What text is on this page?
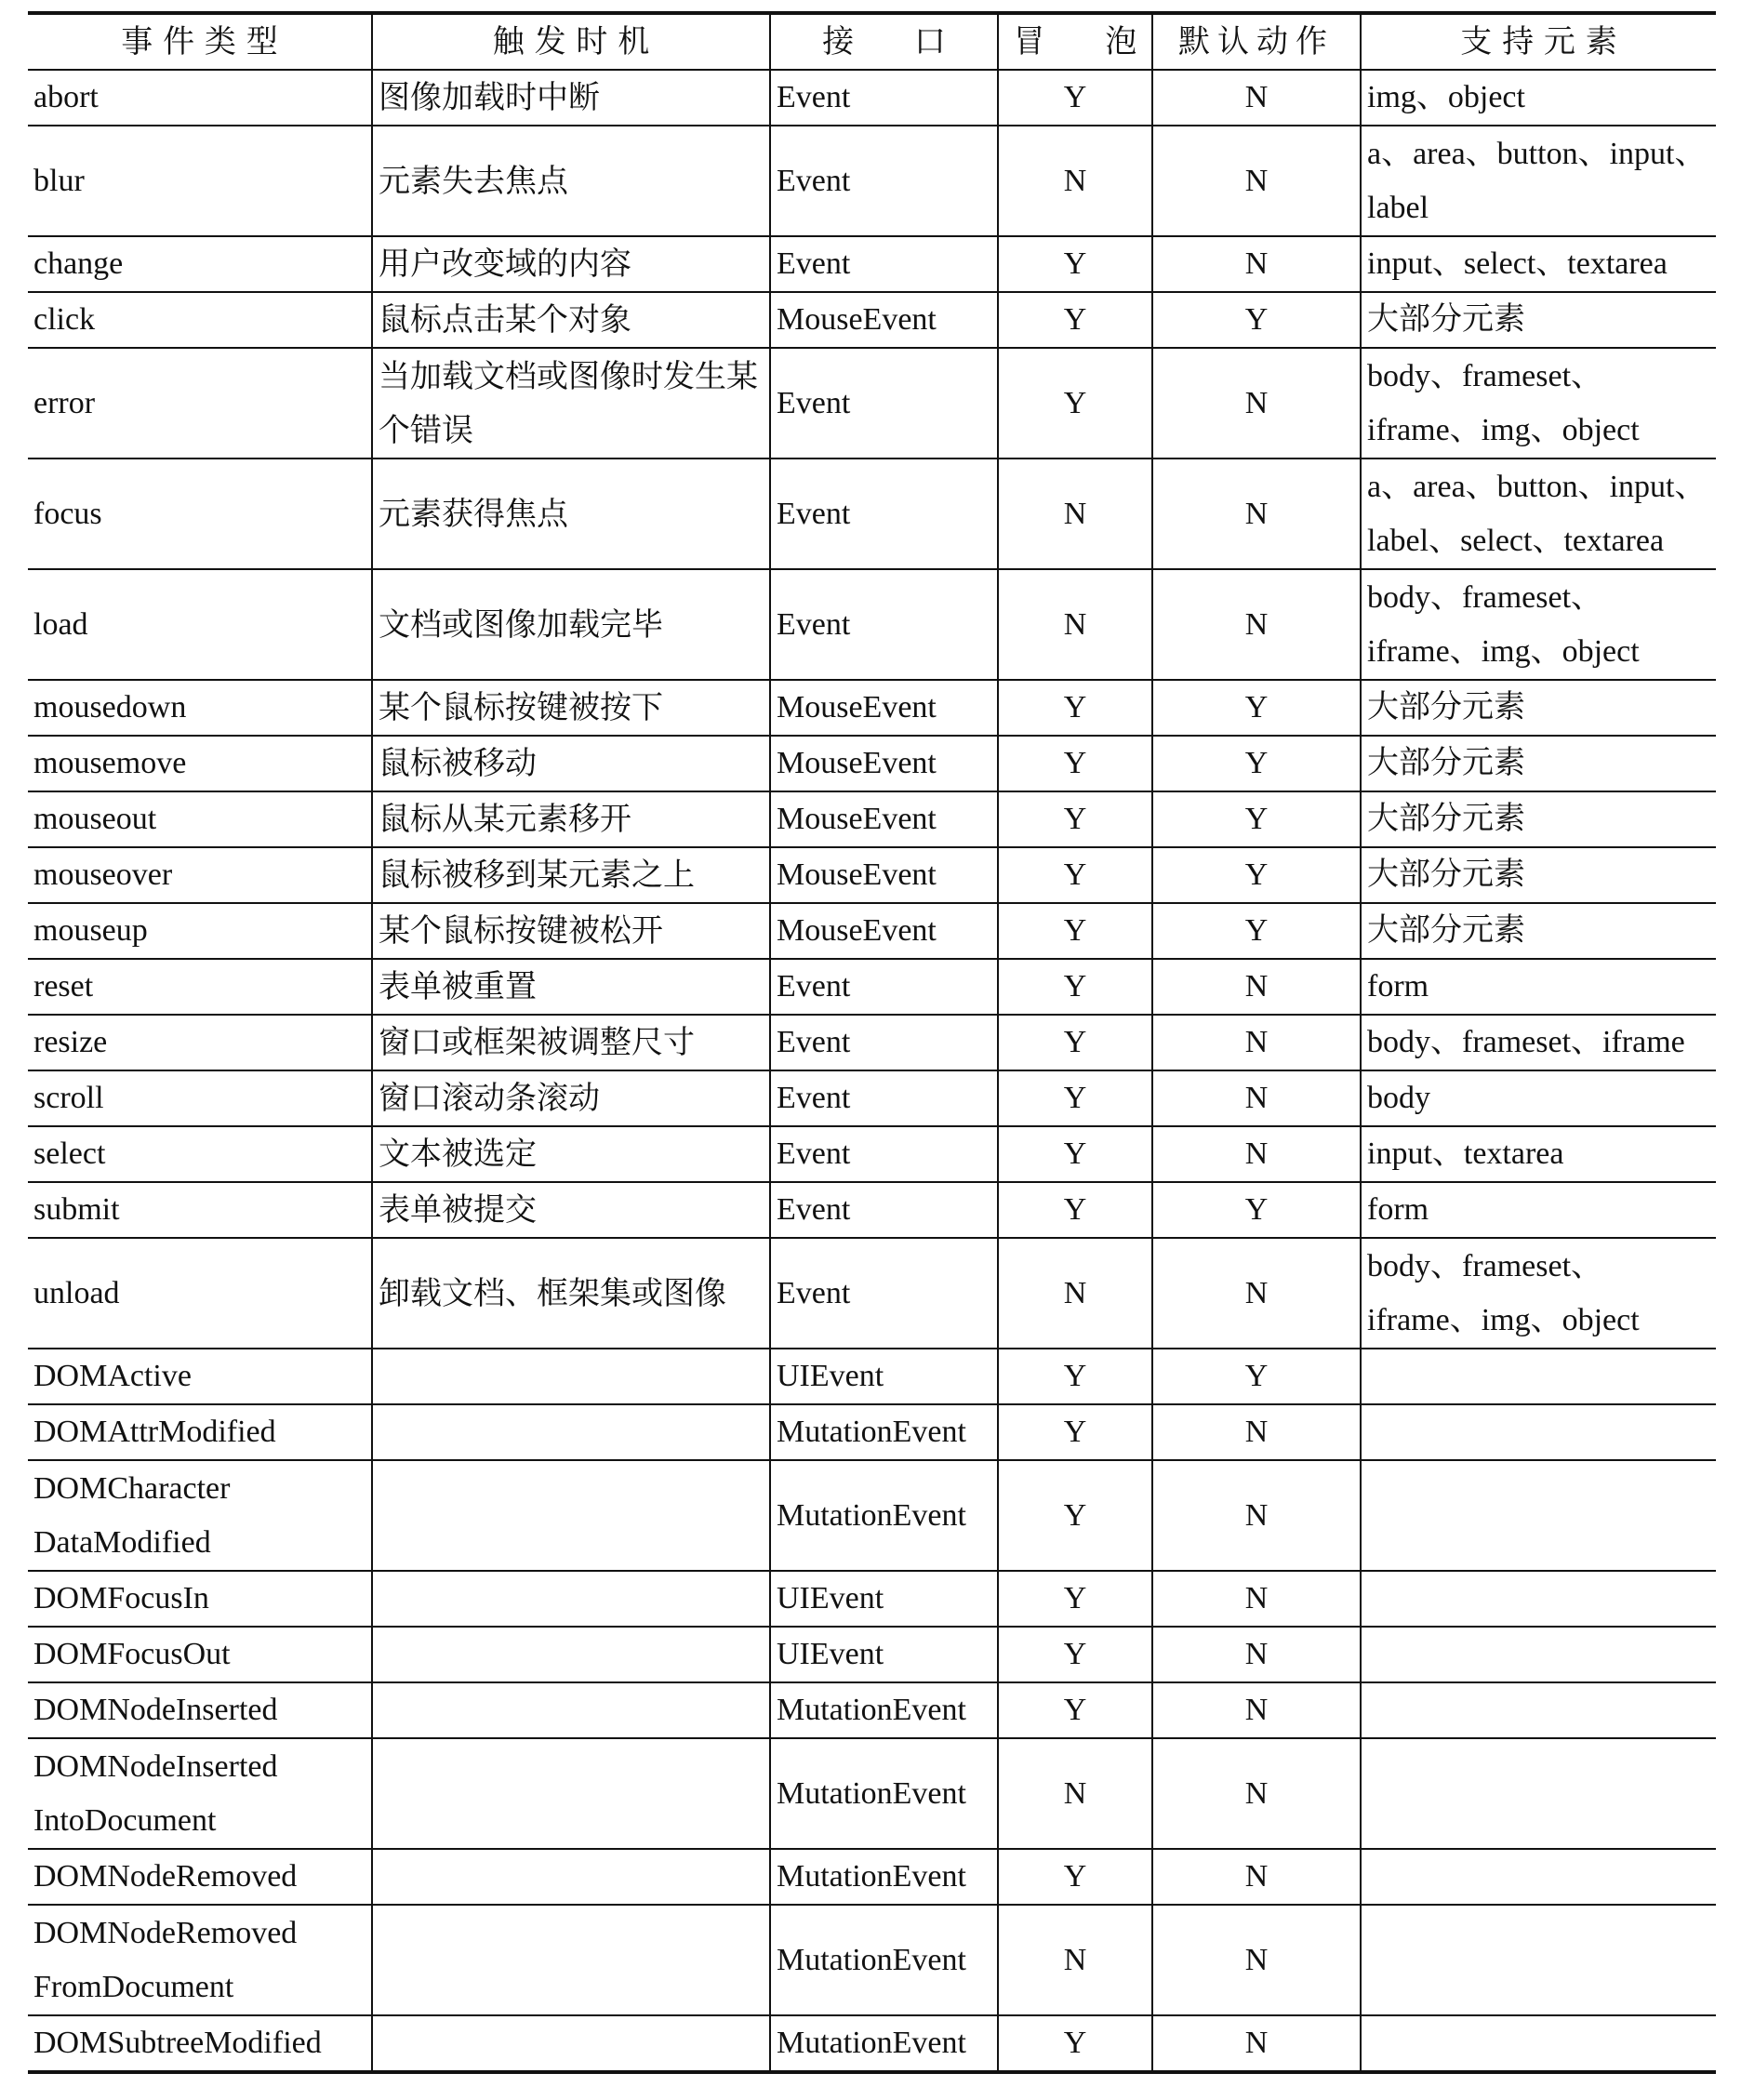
事 件 类 型	触 发 时 机	接      口	冒      泡	默认动作	支 持 元 素
abort	图像加载时中断	Event	Y	N	img、object
blur	元素失去焦点	Event	N	N	a、area、button、input、label
change	用户改变域的内容	Event	Y	N	input、select、textarea
click	鼠标点击某个对象	MouseEvent	Y	Y	大部分元素
error	当加载文档或图像时发生某个错误	Event	Y	N	body、frameset、iframe、img、object
focus	元素获得焦点	Event	N	N	a、area、button、input、label、select、textarea
load	文档或图像加载完毕	Event	N	N	body、frameset、iframe、img、object
mousedown	某个鼠标按键被按下	MouseEvent	Y	Y	大部分元素
mousemove	鼠标被移动	MouseEvent	Y	Y	大部分元素
mouseout	鼠标从某元素移开	MouseEvent	Y	Y	大部分元素
mouseover	鼠标被移到某元素之上	MouseEvent	Y	Y	大部分元素
mouseup	某个鼠标按键被松开	MouseEvent	Y	Y	大部分元素
reset	表单被重置	Event	Y	N	form
resize	窗口或框架被调整尺寸	Event	Y	N	body、frameset、iframe
scroll	窗口滚动条滚动	Event	Y	N	body
select	文本被选定	Event	Y	N	input、textarea
submit	表单被提交	Event	Y	Y	form
unload	卸载文档、框架集或图像	Event	N	N	body、frameset、iframe、img、object
DOMActive		UIEvent	Y	Y	
DOMAttrModified		MutationEvent	Y	N	
DOMCharacter DataModified		MutationEvent	Y	N	
DOMFocusIn		UIEvent	Y	N	
DOMFocusOut		UIEvent	Y	N	
DOMNodeInserted		MutationEvent	Y	N	
DOMNodeInserted IntoDocument		MutationEvent	N	N	
DOMNodeRemoved		MutationEvent	Y	N	
DOMNodeRemoved FromDocument		MutationEvent	N	N	
DOMSubtreeModified		MutationEvent	Y	N	
